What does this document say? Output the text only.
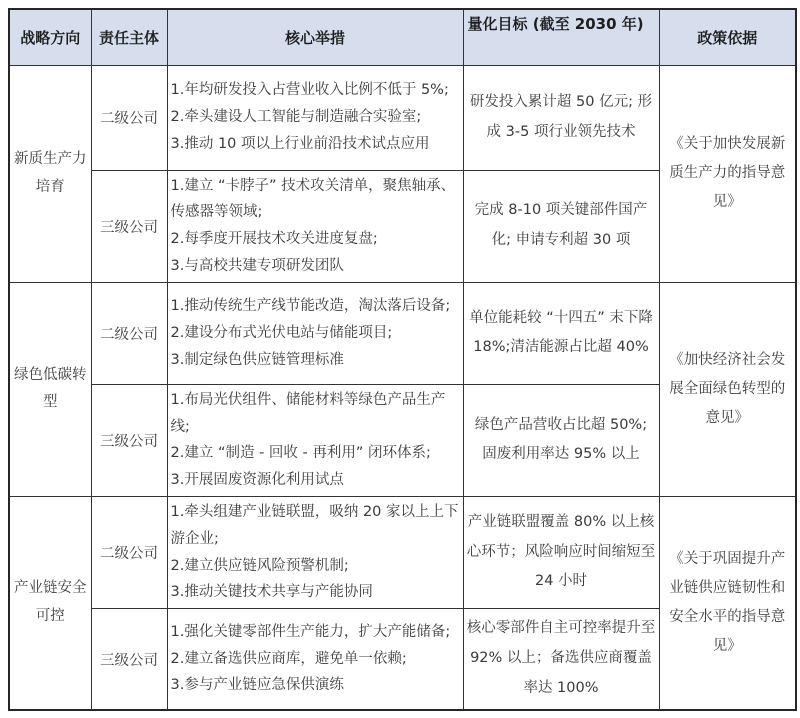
战略方向	责任主体	核心举措	量化目标 (截至 2030 年)	政策依据
新质生产力培育	二级公司	1.年均研发投入占营业收入比例不低于 5%;
2.牵头建设人工智能与制造融合实验室;
3.推动 10 项以上行业前沿技术试点应用	研发投入累计超 50 亿元; 形成 3-5 项行业领先技术	《关于加快发展新质生产力的指导意见》
	三级公司	1.建立 “卡脖子” 技术攻关清单，聚焦轴承、传感器等领域;
2.每季度开展技术攻关进度复盘;
3.与高校共建专项研发团队	完成 8-10 项关键部件国产化; 申请专利超 30 项	
绿色低碳转型	二级公司	1.推动传统生产线节能改造，淘汰落后设备;
2.建设分布式光伏电站与储能项目;
3.制定绿色供应链管理标准	单位能耗较 “十四五” 末下降 18%;清洁能源占比超 40%	《加快经济社会发展全面绿色转型的意见》
	三级公司	1.布局光伏组件、储能材料等绿色产品生产线;
2.建立 “制造 - 回收 - 再利用” 闭环体系;
3.开展固废资源化利用试点	绿色产品营收占比超 50%; 固废利用率达 95% 以上	
产业链安全可控	二级公司	1.牵头组建产业链联盟，吸纳 20 家以上上下游企业;
2.建立供应链风险预警机制;
3.推动关键技术共享与产能协同	产业链联盟覆盖 80% 以上核心环节；风险响应时间缩短至 24 小时	《关于巩固提升产业链供应链韧性和安全水平的指导意见》
	三级公司	1.强化关键零部件生产能力，扩大产能储备;
2.建立备选供应商库，避免单一依赖;
3.参与产业链应急保供演练	核心零部件自主可控率提升至 92% 以上；备选供应商覆盖率达 100%	
